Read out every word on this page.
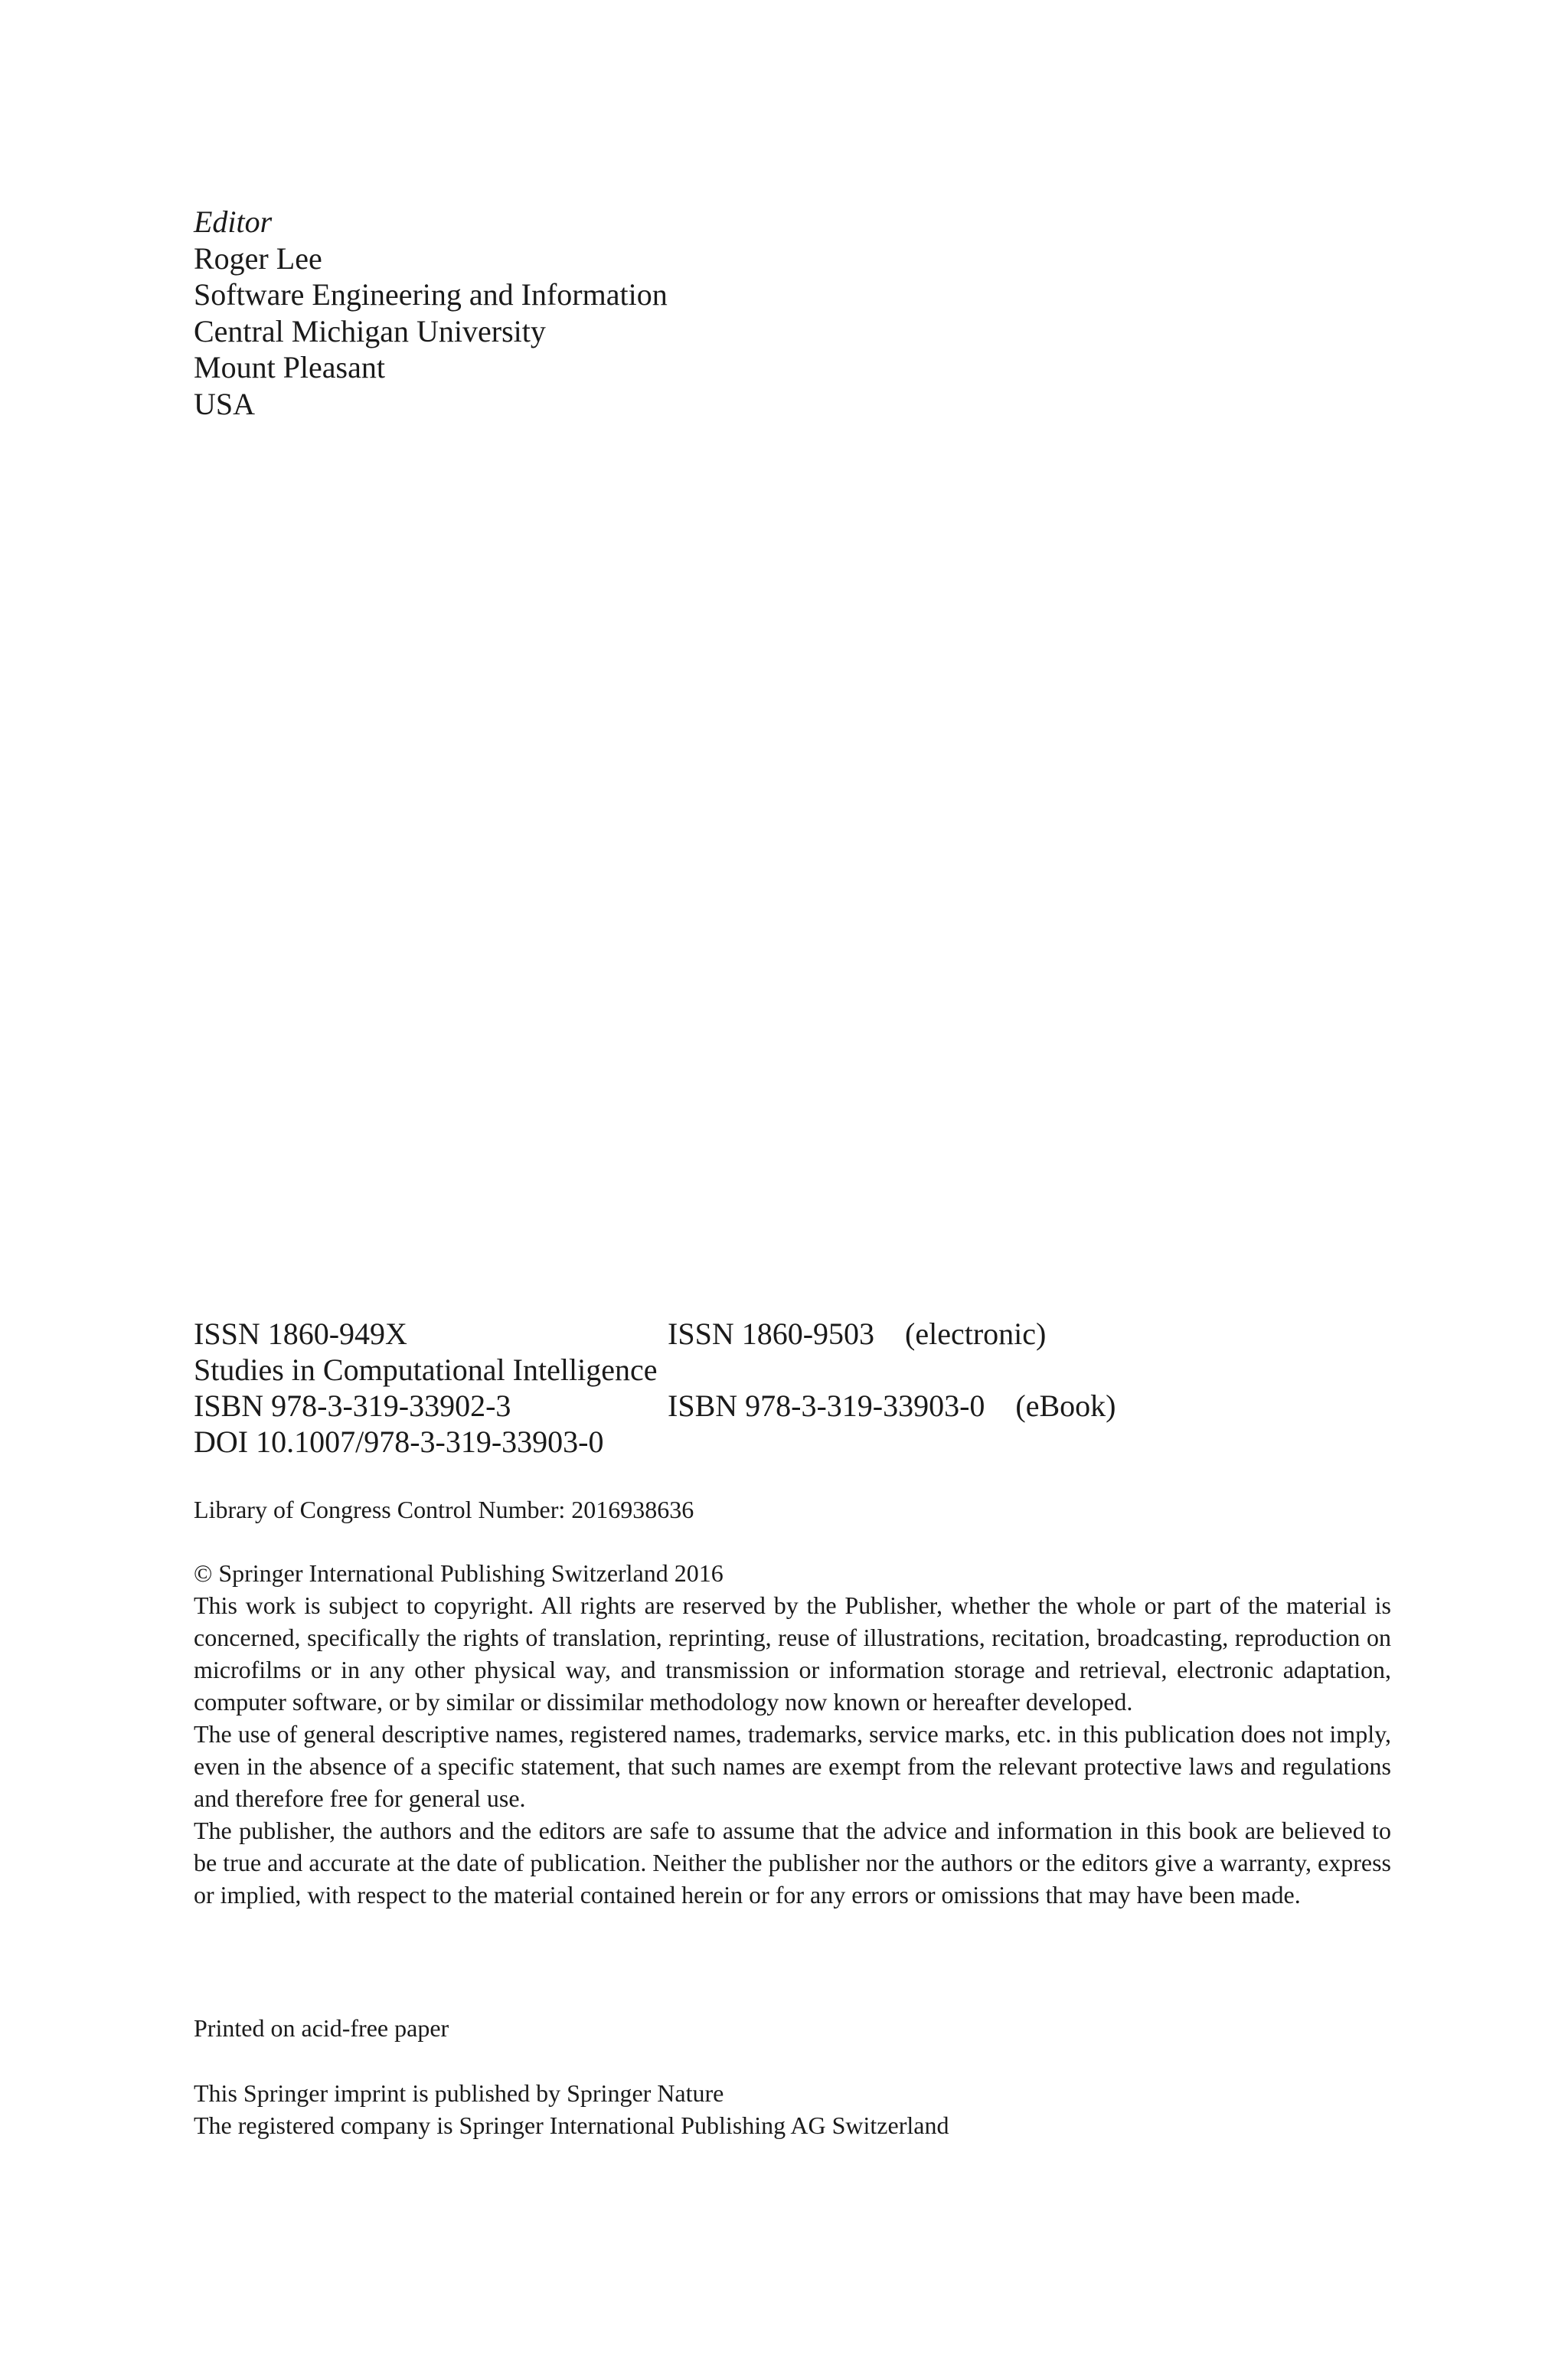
Editor
Roger Lee
Software Engineering and Information
Central Michigan University
Mount Pleasant
USA
ISSN 1860-949X	ISSN 1860-9503 (electronic)
Studies in Computational Intelligence
ISBN 978-3-319-33902-3	ISBN 978-3-319-33903-0 (eBook)
DOI 10.1007/978-3-319-33903-0
Library of Congress Control Number: 2016938636

© Springer International Publishing Switzerland 2016

This work is subject to copyright. All rights are reserved by the Publisher, whether the whole or part of the material is concerned, specifically the rights of translation, reprinting, reuse of illustrations, recitation, broadcasting, reproduction on microfilms or in any other physical way, and transmission or information storage and retrieval, electronic adaptation, computer software, or by similar or dissimilar methodology now known or hereafter developed.

The use of general descriptive names, registered names, trademarks, service marks, etc. in this publication does not imply, even in the absence of a specific statement, that such names are exempt from the relevant protective laws and regulations and therefore free for general use.

The publisher, the authors and the editors are safe to assume that the advice and information in this book are believed to be true and accurate at the date of publication. Neither the publisher nor the authors or the editors give a warranty, express or implied, with respect to the material contained herein or for any errors or omissions that may have been made.

Printed on acid-free paper
This Springer imprint is published by Springer Nature
The registered company is Springer International Publishing AG Switzerland
